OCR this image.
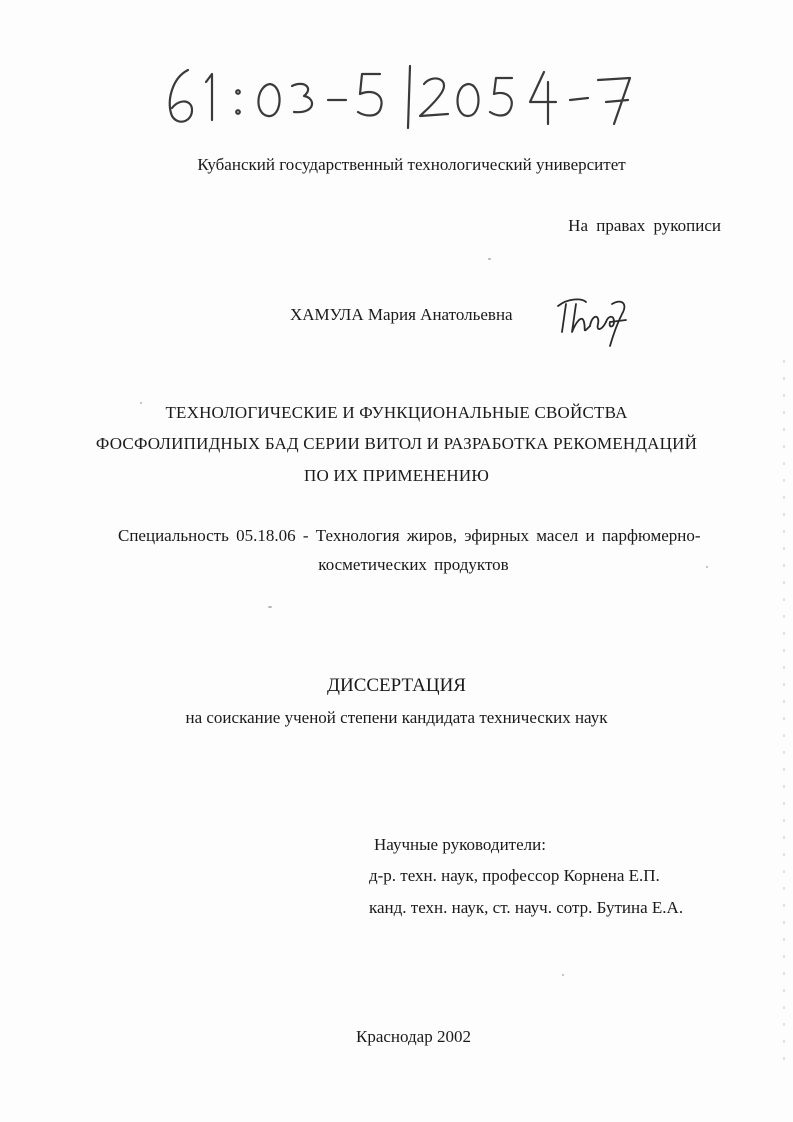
Кубанский государственный технологический университет
На правах рукописи
ХАМУЛА Мария Анатольевна
ТЕХНОЛОГИЧЕСКИЕ И ФУНКЦИОНАЛЬНЫЕ СВОЙСТВА
ФОСФОЛИПИДНЫХ БАД СЕРИИ ВИТОЛ И РАЗРАБОТКА РЕКОМЕНДАЦИЙ
ПО ИХ ПРИМЕНЕНИЮ
Специальность 05.18.06 - Технология жиров, эфирных масел и парфюмерно-
косметических продуктов
ДИССЕРТАЦИЯ
на соискание ученой степени кандидата технических наук
Научные руководители:
д-р. техн. наук, профессор Корнена Е.П.
канд. техн. наук, ст. науч. сотр. Бутина Е.А.
Краснодар 2002
